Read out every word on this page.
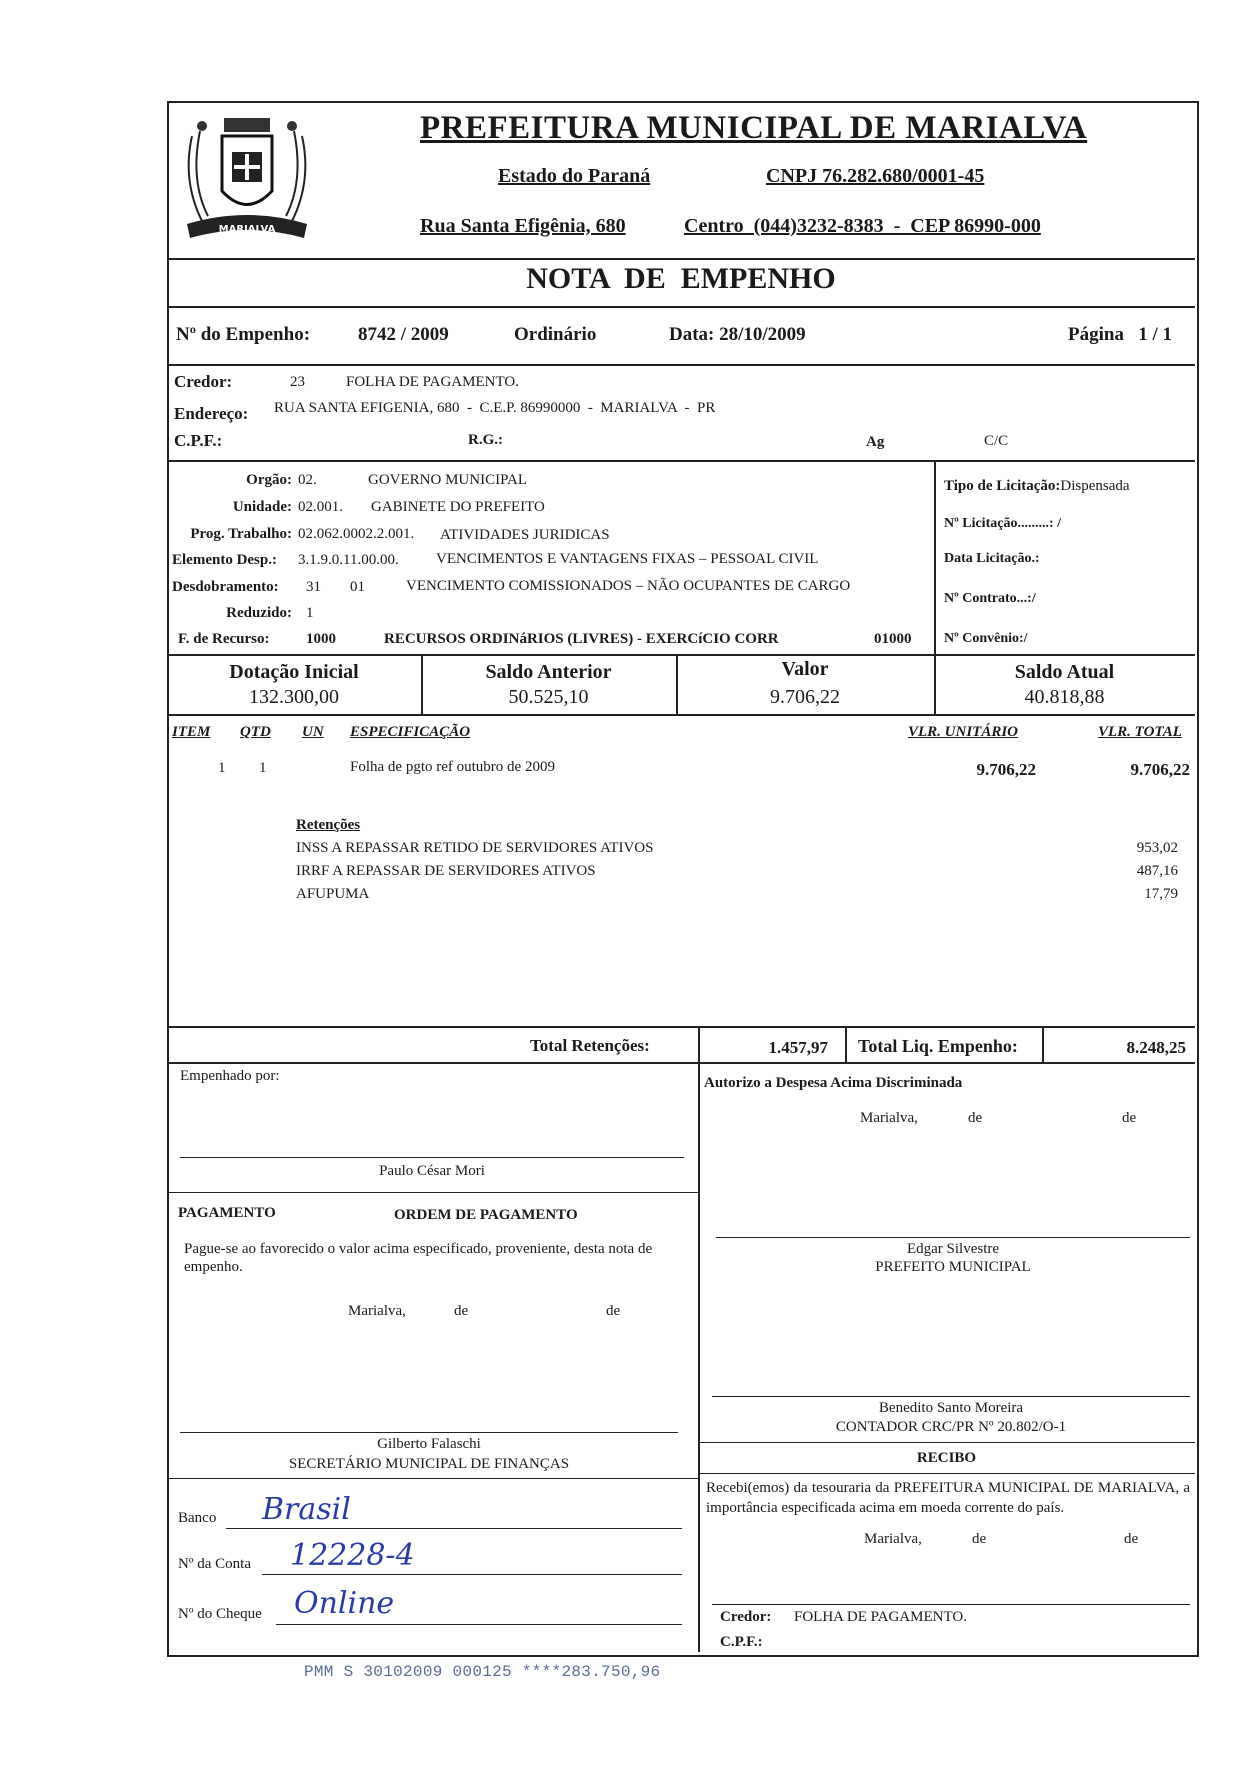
MARIALVA
PREFEITURA MUNICIPAL DE MARIALVA
Estado do Paraná	CNPJ 76.282.680/0001-45
Rua Santa Efigênia, 680	Centro  (044)3232-8383  -  CEP 86990-000
NOTA  DE  EMPENHO
Nº do Empenho:	8742 / 2009	Ordinário	Data: 28/10/2009	Página   1 / 1
Credor:	23	FOLHA DE PAGAMENTO.
Endereço: RUA SANTA EFIGENIA, 680  -  C.E.P. 86990000  -  MARIALVA  -  PR
C.P.F.:	R.G.:	Ag	C/C
Orgão: 02.	GOVERNO MUNICIPAL
Unidade: 02.001. GABINETE DO PREFEITO
Prog. Trabalho: 02.062.0002.2.001. ATIVIDADES JURIDICAS
Elemento Desp.: 3.1.9.0.11.00.00. VENCIMENTOS E VANTAGENS FIXAS – PESSOAL CIVIL
Desdobramento: 31 01	VENCIMENTO COMISSIONADOS – NÃO OCUPANTES DE CARGO
Reduzido: 1
F. de Recurso: 1000	RECURSOS ORDINáRIOS (LIVRES) - EXERCíCIO CORR	01000
Tipo de Licitação:Dispensada
Nº Licitação.........: /
Data Licitação.:
Nº Contrato...:/
Nº Convênio:/
Dotação Inicial
132.300,00
Saldo Anterior
50.525,10
Valor
9.706,22
Saldo Atual
40.818,88
ITEM QTD UN ESPECIFICAÇÃO	VLR. UNITÁRIO	VLR. TOTAL
1 1	Folha de pgto ref outubro de 2009	9.706,22	9.706,22
Retenções
INSS A REPASSAR RETIDO DE SERVIDORES ATIVOS	953,02
IRRF A REPASSAR DE SERVIDORES ATIVOS	487,16
AFUPUMA	17,79
Total Retenções:	1.457,97 Total Liq. Empenho:	8.248,25
Empenhado por:
Paulo César Mori
PAGAMENTO	ORDEM DE PAGAMENTO
Pague-se ao favorecido o valor acima especificado, proveniente, desta nota de empenho.
Marialva,	de	de
Gilberto Falaschi
SECRETÁRIO MUNICIPAL DE FINANÇAS
Banco Brasil
Nº da Conta 12228-4
Nº do Cheque Online
Autorizo a Despesa Acima Discriminada
Marialva,	de	de
Edgar Silvestre
PREFEITO MUNICIPAL
Benedito Santo Moreira
CONTADOR CRC/PR Nº 20.802/O-1
RECIBO
Recebi(emos) da tesouraria da PREFEITURA MUNICIPAL DE MARIALVA, a importância especificada acima em moeda corrente do país.
Marialva,	de	de
Credor: FOLHA DE PAGAMENTO.
C.P.F.:
PMM S 30102009 000125 ****283.750,96
